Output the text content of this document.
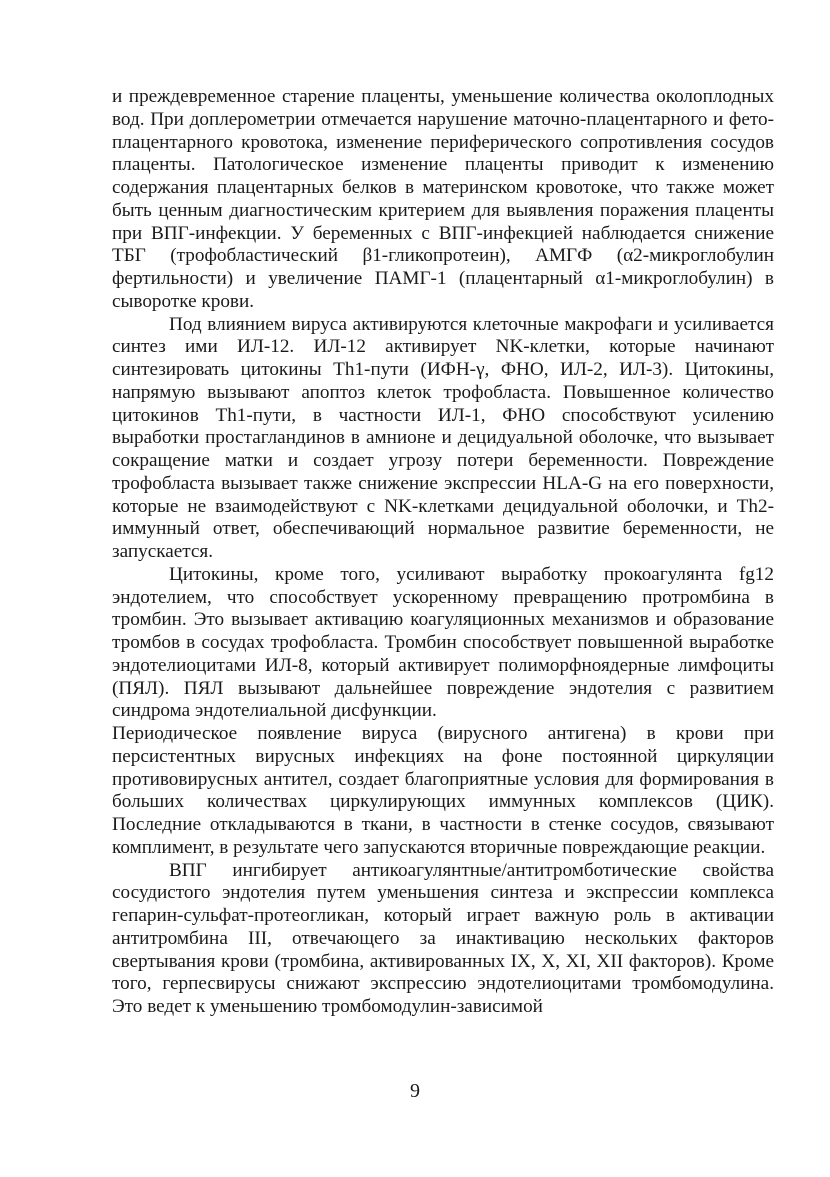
и преждевременное старение плаценты, уменьшение количества околоплодных вод. При доплерометрии отмечается нарушение маточно-плацентарного и фето-плацентарного кровотока, изменение периферического сопротивления сосудов плаценты. Патологическое изменение плаценты приводит к изменению содержания плацентарных белков в материнском кровотоке, что также может быть ценным диагностическим критерием для выявления поражения плаценты при ВПГ-инфекции. У беременных с ВПГ-инфекцией наблюдается снижение ТБГ (трофобластический β1-гликопротеин), АМГФ (α2-микроглобулин фертильности) и увеличение ПАМГ-1 (плацентарный α1-микроглобулин) в сыворотке крови.

Под влиянием вируса активируются клеточные макрофаги и усиливается синтез ими ИЛ-12. ИЛ-12 активирует NK-клетки, которые начинают синтезировать цитокины Th1-пути (ИФН-γ, ФНО, ИЛ-2, ИЛ-3). Цитокины, напрямую вызывают апоптоз клеток трофобласта. Повышенное количество цитокинов Th1-пути, в частности ИЛ-1, ФНО способствуют усилению выработки простагландинов в амнионе и децидуальной оболочке, что вызывает сокращение матки и создает угрозу потери беременности. Повреждение трофобласта вызывает также снижение экспрессии HLA-G на его поверхности, которые не взаимодействуют с NK-клетками децидуальной оболочки, и Th2-иммунный ответ, обеспечивающий нормальное развитие беременности, не запускается.

Цитокины, кроме того, усиливают выработку прокоагулянта fg12 эндотелием, что способствует ускоренному превращению протромбина в тромбин. Это вызывает активацию коагуляционных механизмов и образование тромбов в сосудах трофобласта. Тромбин способствует повышенной выработке эндотелиоцитами ИЛ-8, который активирует полиморфноядерные лимфоциты (ПЯЛ). ПЯЛ вызывают дальнейшее повреждение эндотелия с развитием синдрома эндотелиальной дисфункции.

Периодическое появление вируса (вирусного антигена) в крови при персистентных вирусных инфекциях на фоне постоянной циркуляции противовирусных антител, создает благоприятные условия для формирования в больших количествах циркулирующих иммунных комплексов (ЦИК). Последние откладываются в ткани, в частности в стенке сосудов, связывают комплимент, в результате чего запускаются вторичные повреждающие реакции.

ВПГ ингибирует антикоагулянтные/антитромботические свойства сосудистого эндотелия путем уменьшения синтеза и экспрессии комплекса гепарин-сульфат-протеогликан, который играет важную роль в активации антитромбина III, отвечающего за инактивацию нескольких факторов свертывания крови (тромбина, активированных IX, X, XI, XII факторов). Кроме того, герпесвирусы снижают экспрессию эндотелиоцитами тромбомодулина. Это ведет к уменьшению тромбомодулин-зависимой

9
